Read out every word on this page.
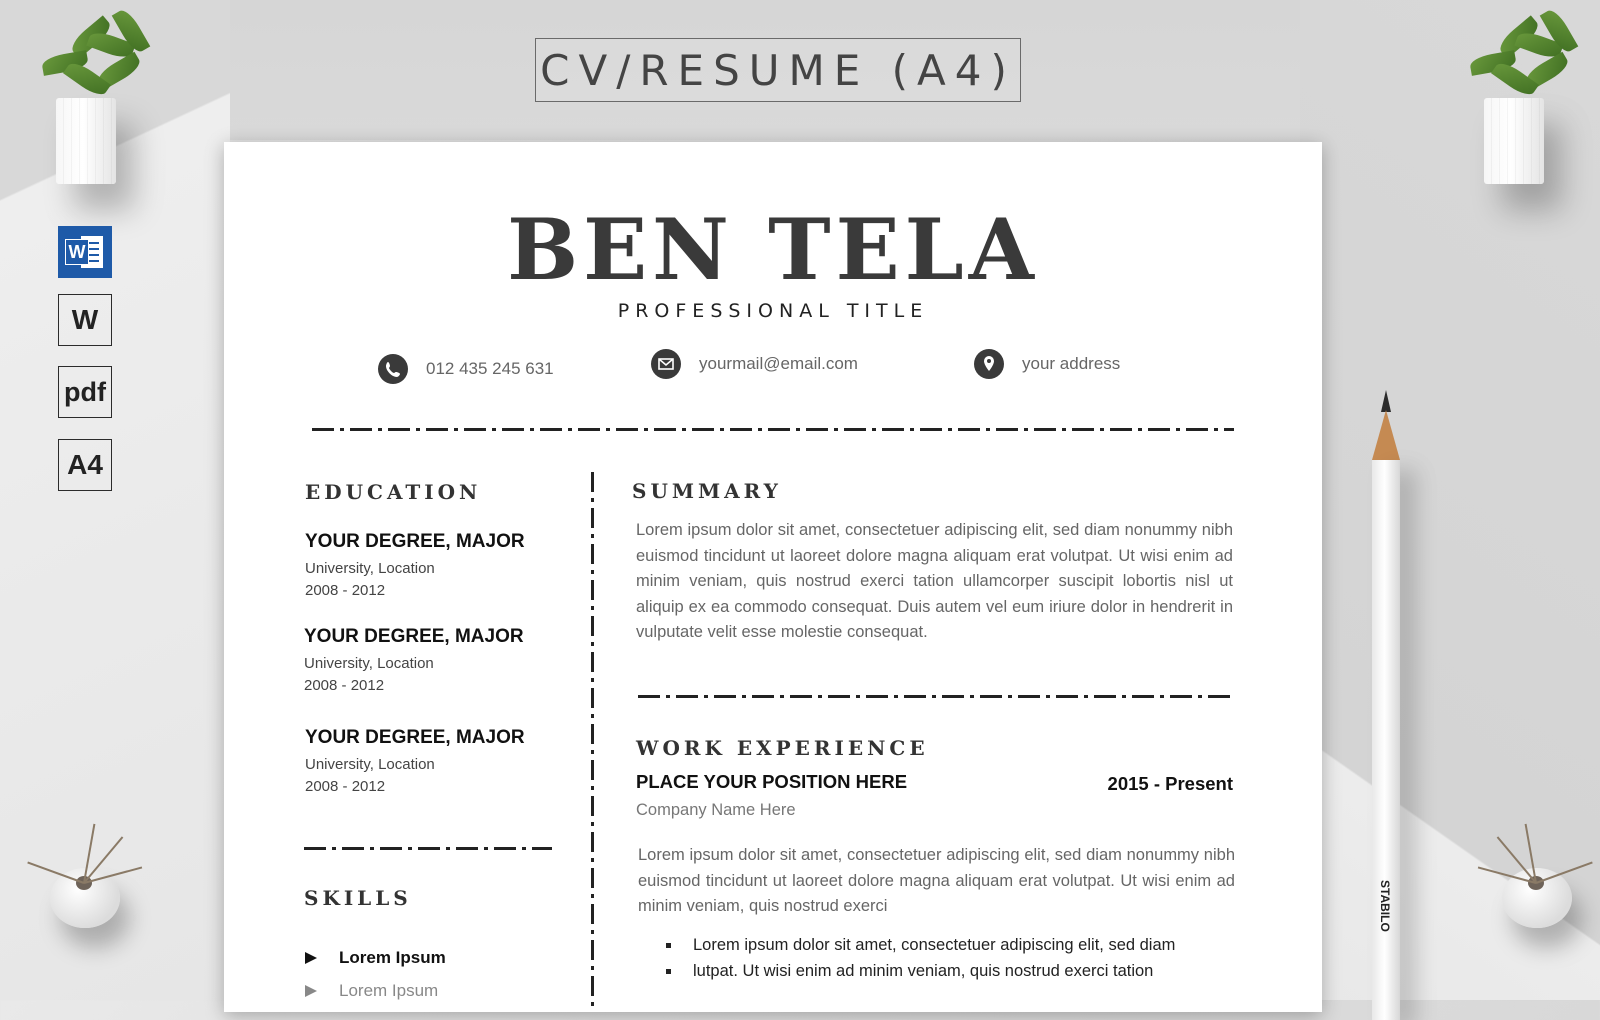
CV/RESUME (A4)
W
W
pdf
A4
STABILO
BEN TELA
PROFESSIONAL TITLE
012 435 245 631	yourmail@email.com	your address
EDUCATION
YOUR DEGREE, MAJOR
University, Location
2008 - 2012
YOUR DEGREE, MAJOR
University, Location
2008 - 2012
YOUR DEGREE, MAJOR
University, Location
2008 - 2012
SKILLS
Lorem Ipsum
Lorem Ipsum
SUMMARY
Lorem ipsum dolor sit amet, consectetuer adipiscing elit, sed diam nonummy nibh euismod tincidunt ut laoreet dolore magna aliquam erat volutpat. Ut wisi enim ad minim veniam, quis nostrud exerci tation ullamcorper suscipit lobortis nisl ut aliquip ex ea commodo consequat. Duis autem vel eum iriure dolor in hendrerit in vulputate velit esse molestie consequat.
WORK EXPERIENCE
PLACE YOUR POSITION HERE	2015 - Present
Company Name Here
Lorem ipsum dolor sit amet, consectetuer adipiscing elit, sed diam nonummy nibh euismod tincidunt ut laoreet dolore magna aliquam erat volutpat. Ut wisi enim ad minim veniam, quis nostrud exerci
Lorem ipsum dolor sit amet, consectetuer adipiscing elit, sed diam
lutpat. Ut wisi enim ad minim veniam, quis nostrud exerci tation
